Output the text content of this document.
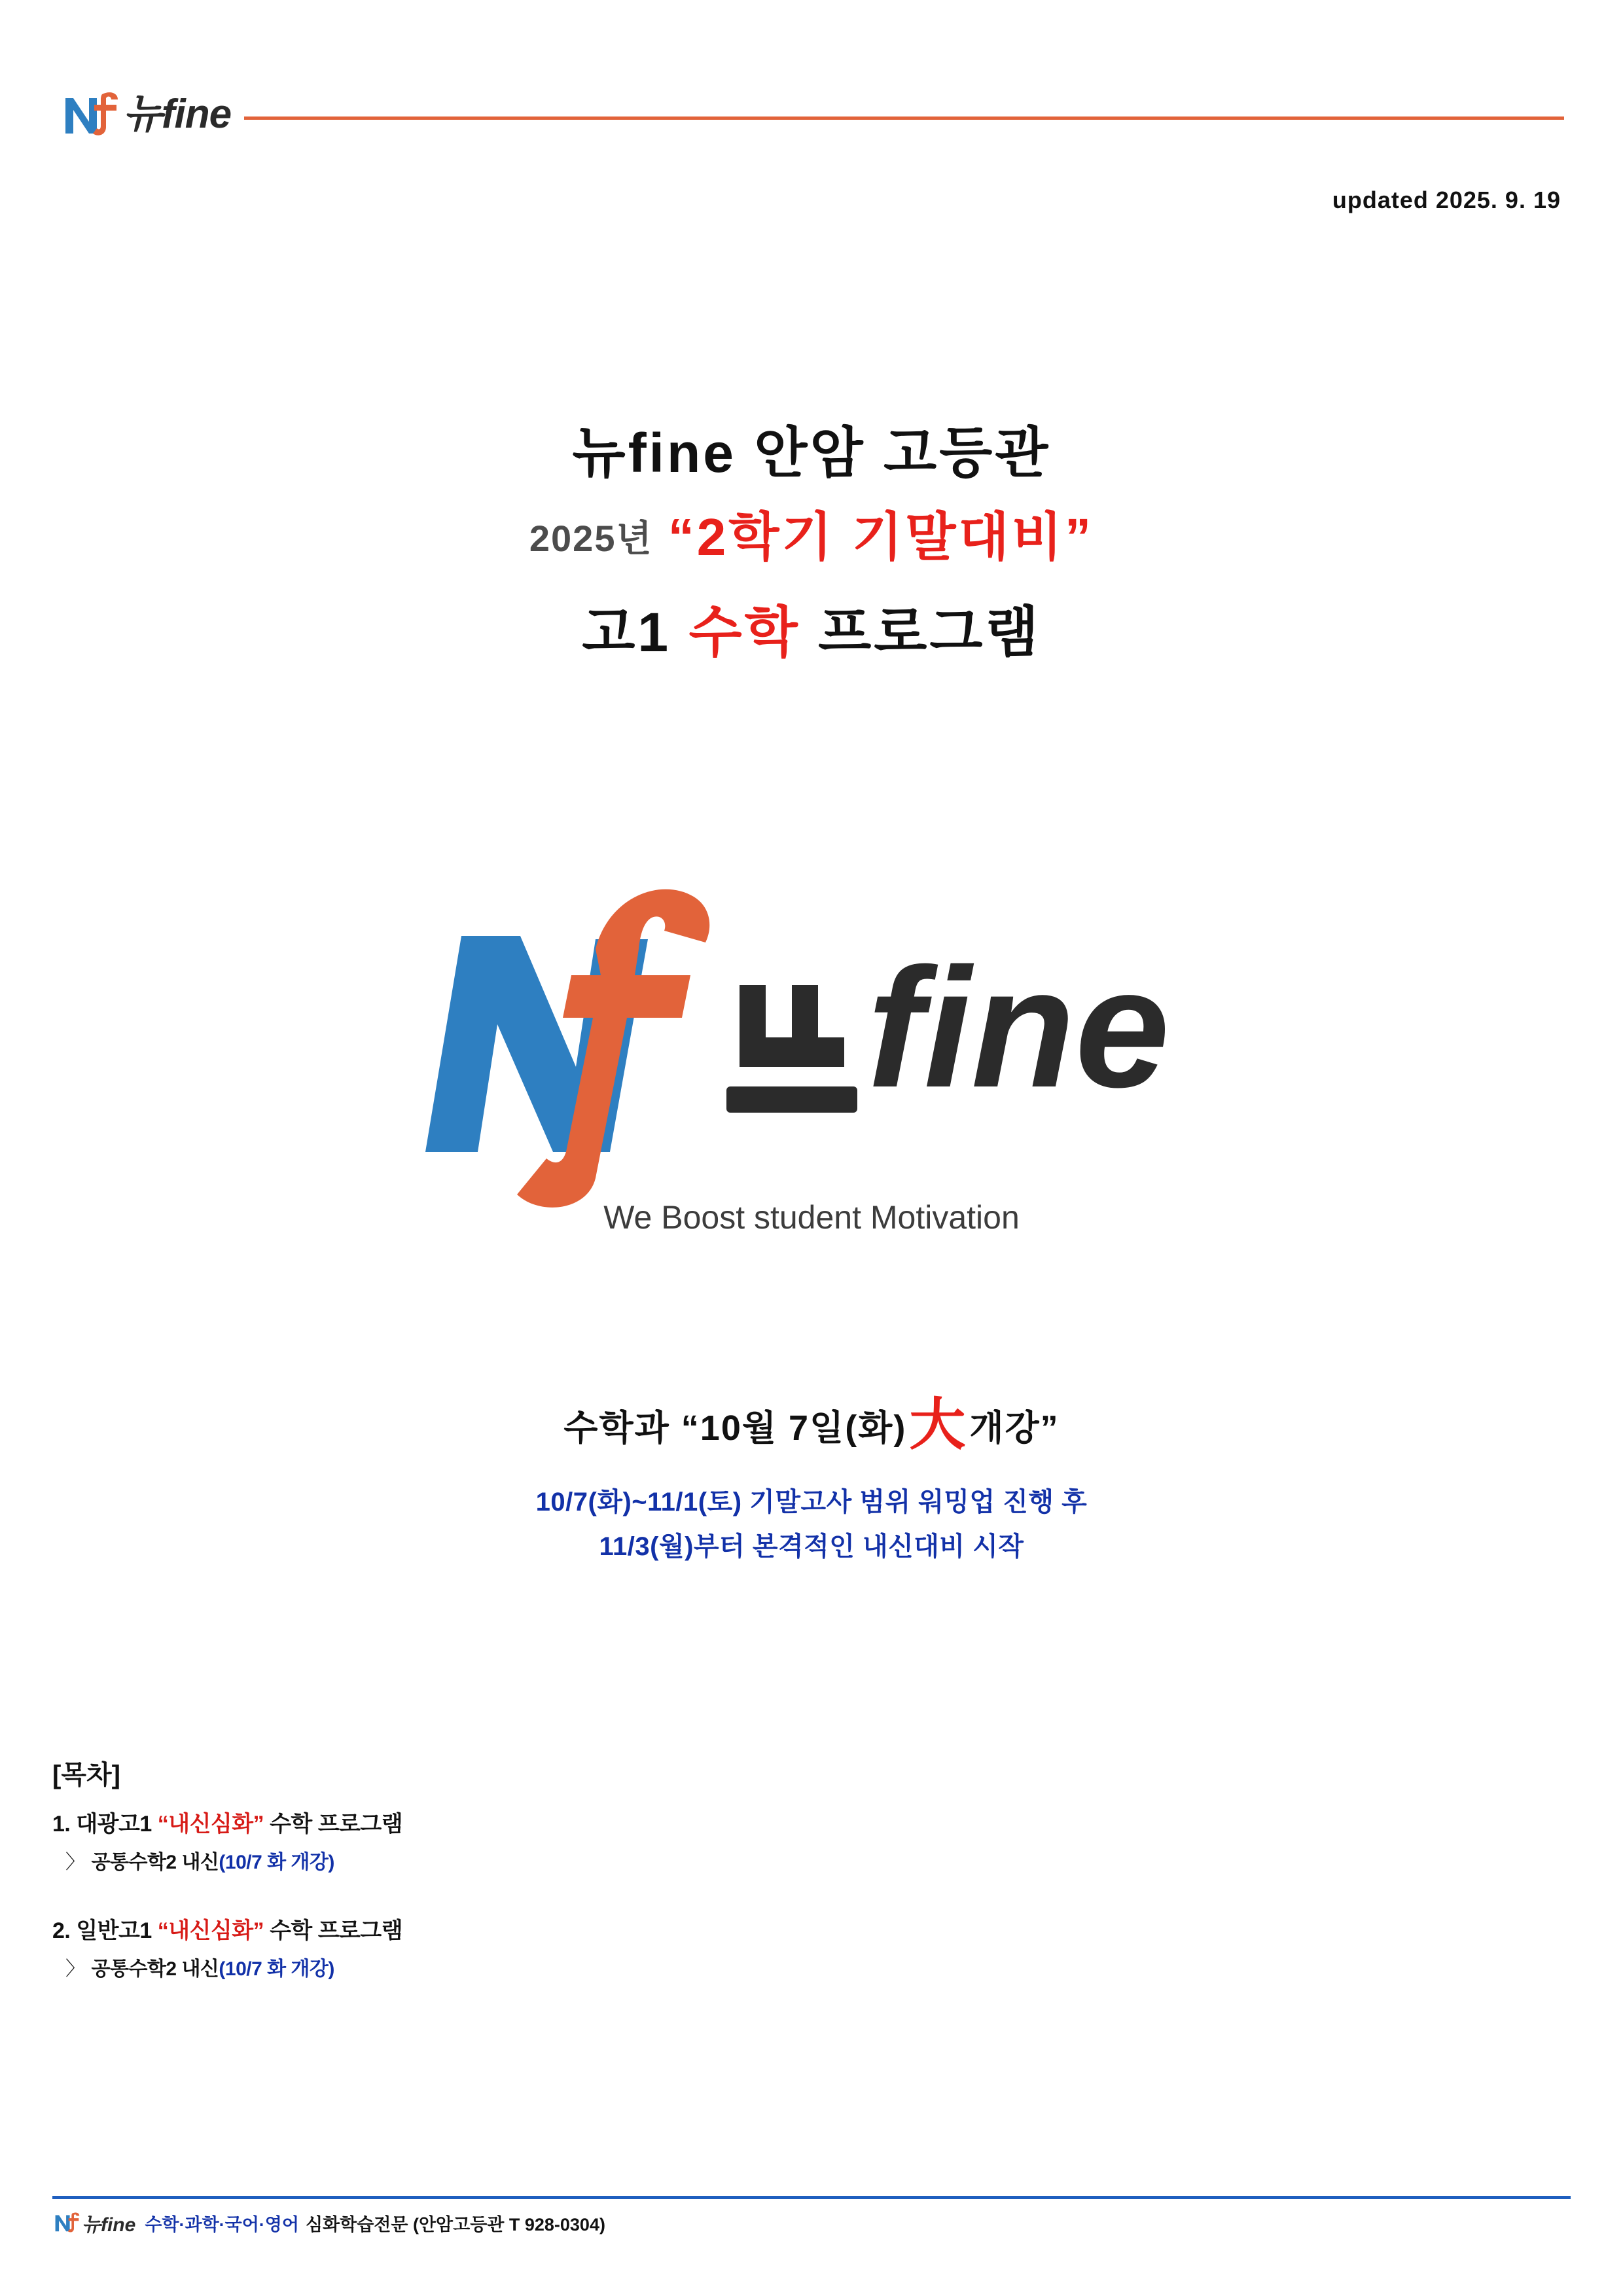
뉴fine
updated 2025. 9. 19
뉴fine 안암 고등관
2025년 “2학기 기말대비”
고1 수학 프로그램
fine
We Boost student Motivation
수학과 “10월 7일(화)大개강”
10/7(화)~11/1(토) 기말고사 범위 워밍업 진행 후
11/3(월)부터 본격적인 내신대비 시작
[목차]
1. 대광고1 “내신심화” 수학 프로그램
〉 공통수학2 내신(10/7 화 개강)
2. 일반고1 “내신심화” 수학 프로그램
〉 공통수학2 내신(10/7 화 개강)
뉴fine 수학·과학·국어·영어 심화학습전문 (안암고등관 T 928-0304)
